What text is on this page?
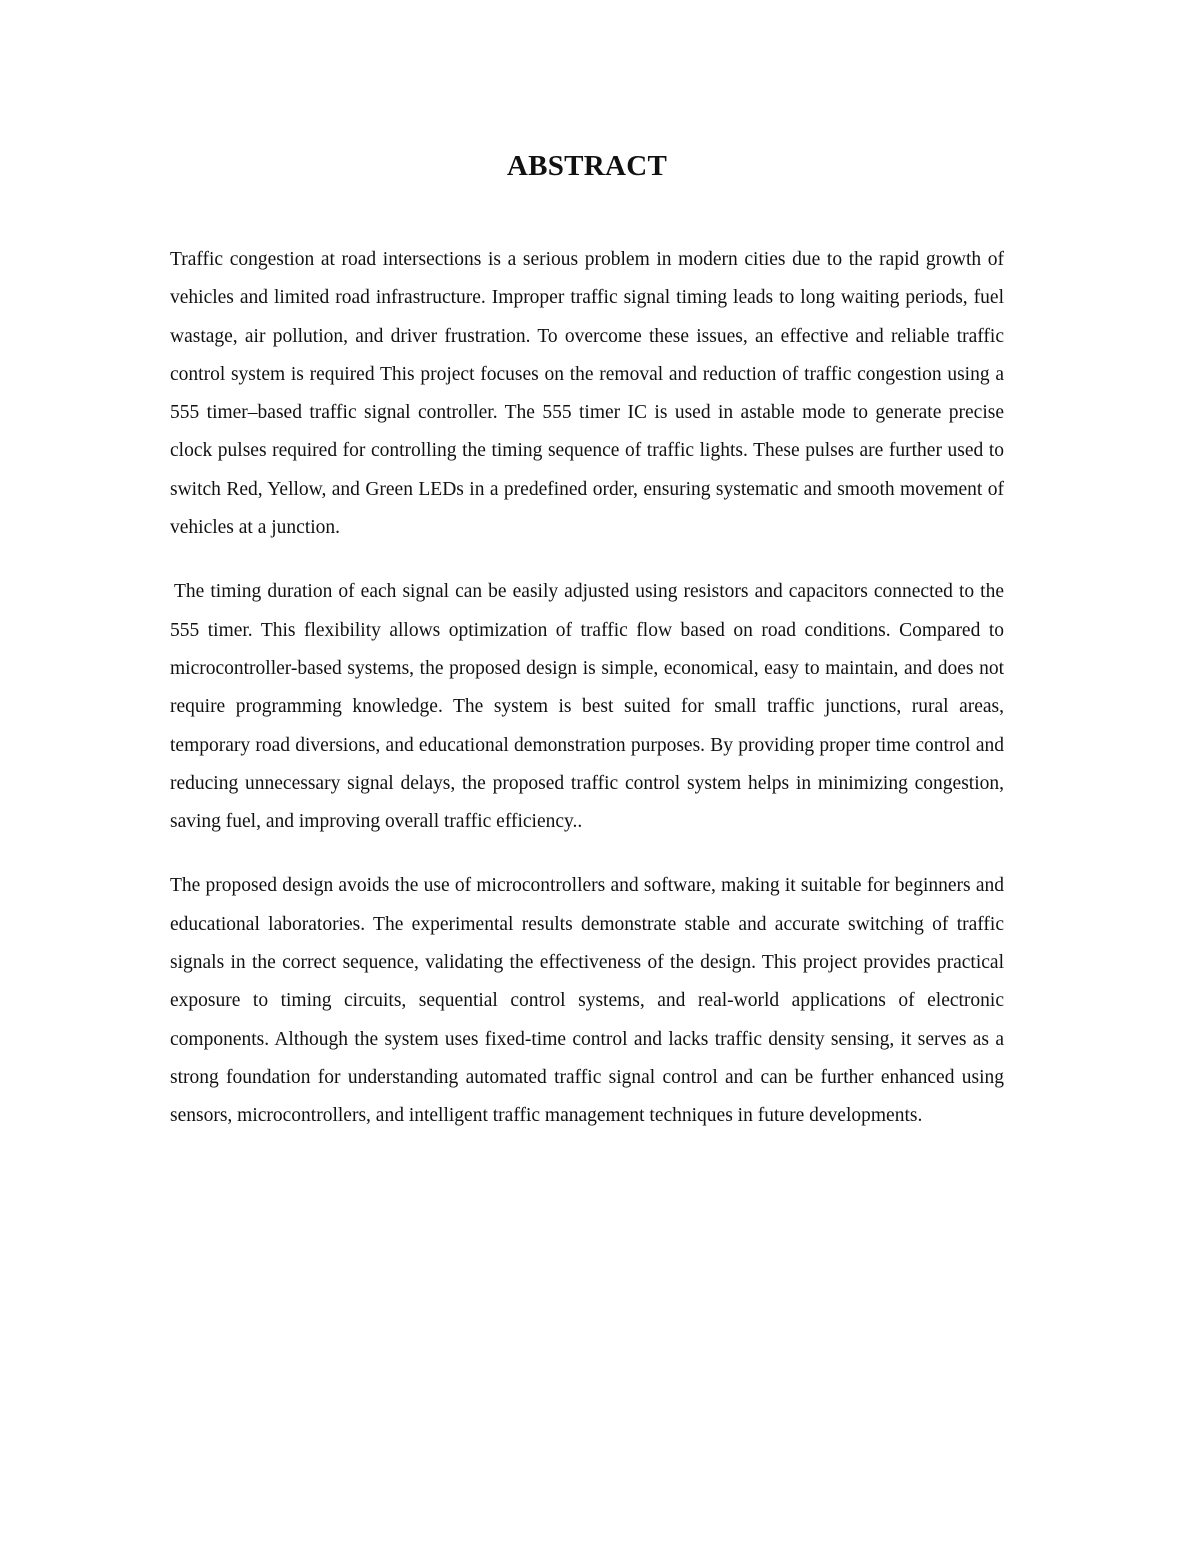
ABSTRACT

Traffic congestion at road intersections is a serious problem in modern cities due to the rapid growth of vehicles and limited road infrastructure. Improper traffic signal timing leads to long waiting periods, fuel wastage, air pollution, and driver frustration. To overcome these issues, an effective and reliable traffic control system is required This project focuses on the removal and reduction of traffic congestion using a 555 timer–based traffic signal controller. The 555 timer IC is used in astable mode to generate precise clock pulses required for controlling the timing sequence of traffic lights. These pulses are further used to switch Red, Yellow, and Green LEDs in a predefined order, ensuring systematic and smooth movement of vehicles at a junction.

The timing duration of each signal can be easily adjusted using resistors and capacitors connected to the 555 timer. This flexibility allows optimization of traffic flow based on road conditions. Compared to microcontroller-based systems, the proposed design is simple, economical, easy to maintain, and does not require programming knowledge. The system is best suited for small traffic junctions, rural areas, temporary road diversions, and educational demonstration purposes. By providing proper time control and reducing unnecessary signal delays, the proposed traffic control system helps in minimizing congestion, saving fuel, and improving overall traffic efficiency..

The proposed design avoids the use of microcontrollers and software, making it suitable for beginners and educational laboratories. The experimental results demonstrate stable and accurate switching of traffic signals in the correct sequence, validating the effectiveness of the design. This project provides practical exposure to timing circuits, sequential control systems, and real-world applications of electronic components. Although the system uses fixed-time control and lacks traffic density sensing, it serves as a strong foundation for understanding automated traffic signal control and can be further enhanced using sensors, microcontrollers, and intelligent traffic management techniques in future developments.
